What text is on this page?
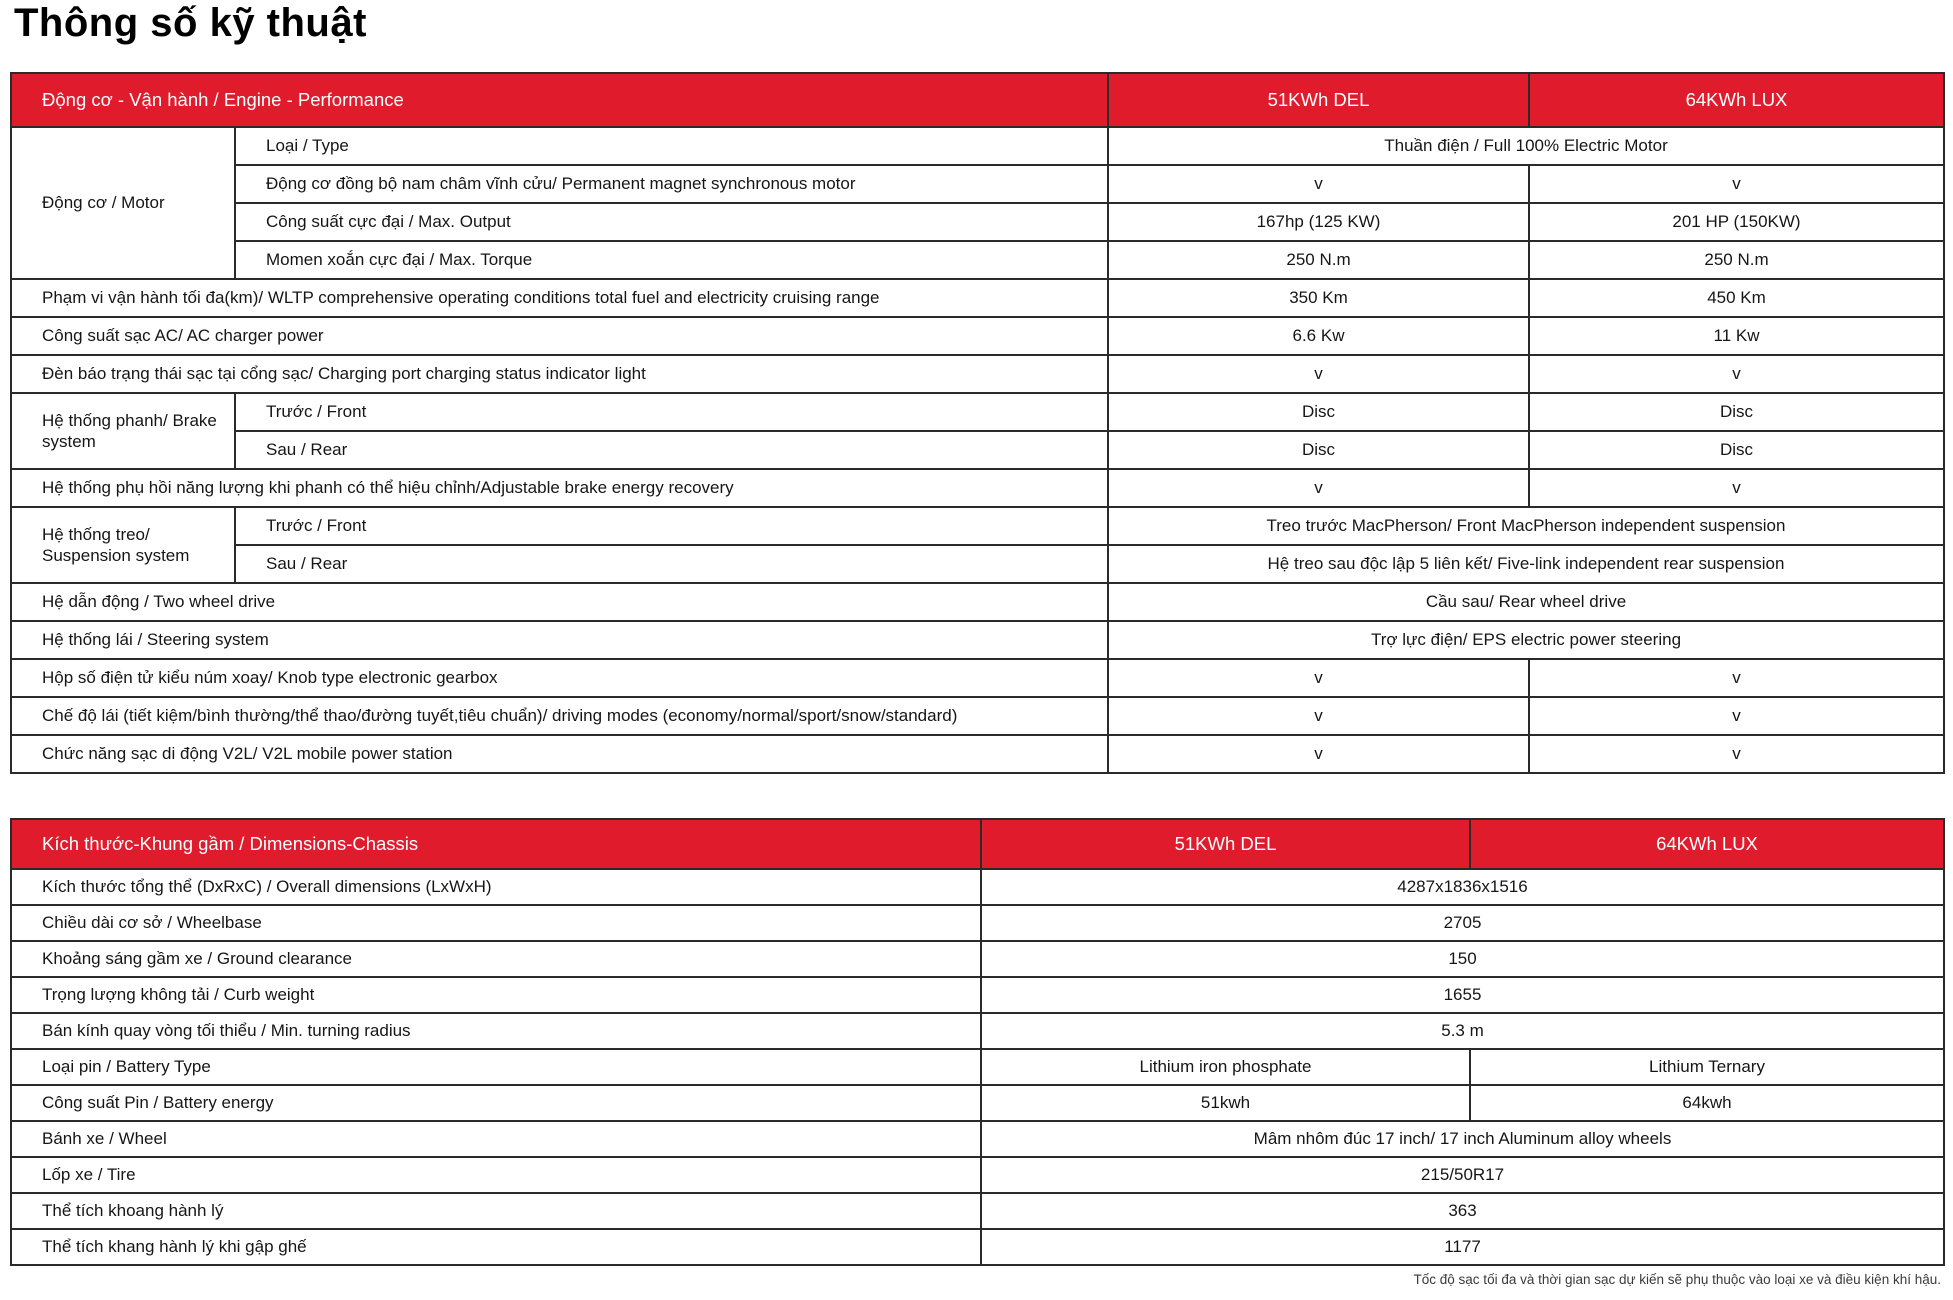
Thông số kỹ thuật
Động cơ - Vận hành / Engine - Performance		51KWh DEL	64KWh LUX
Động cơ / Motor	Loại / Type	Thuần điện / Full 100% Electric Motor	
	Động cơ đồng bộ nam châm vĩnh cửu/ Permanent magnet synchronous motor	v	v
	Công suất cực đại / Max. Output	167hp (125 KW)	201 HP (150KW)
	Momen xoắn cực đại / Max. Torque	250 N.m	250 N.m
Phạm vi vận hành tối đa(km)/ WLTP comprehensive operating conditions total fuel and electricity cruising range		350 Km	450 Km
Công suất sạc AC/ AC charger power		6.6 Kw	11 Kw
Đèn báo trạng thái sạc tại cổng sạc/ Charging port charging status indicator light		v	v
Hệ thống phanh/ Brake system	Trước / Front	Disc	Disc
	Sau / Rear	Disc	Disc
Hệ thống phụ hồi năng lượng khi phanh có thể hiệu chỉnh/Adjustable brake energy recovery		v	v
Hệ thống treo/ Suspension system	Trước / Front	Treo trước MacPherson/ Front MacPherson independent suspension	
	Sau / Rear	Hệ treo sau độc lập 5 liên kết/ Five-link independent rear suspension	
Hệ dẫn động / Two wheel drive		Cầu sau/ Rear wheel drive	
Hệ thống lái / Steering system		Trợ lực điện/ EPS electric power steering	
Hộp số điện tử kiểu núm xoay/ Knob type electronic gearbox		v	v
Chế độ lái (tiết kiệm/bình thường/thể thao/đường tuyết,tiêu chuẩn)/ driving modes (economy/normal/sport/snow/standard)		v	v
Chức năng sạc di động V2L/ V2L mobile power station		v	v
Kích thước-Khung gầm / Dimensions-Chassis	51KWh DEL	64KWh LUX
Kích thước tổng thể (DxRxC) / Overall dimensions (LxWxH)	4287x1836x1516	
Chiều dài cơ sở / Wheelbase	2705	
Khoảng sáng gầm xe / Ground clearance	150	
Trọng lượng không tải / Curb weight	1655	
Bán kính quay vòng tối thiểu / Min. turning radius	5.3 m	
Loại pin / Battery Type	Lithium iron phosphate	Lithium Ternary
Công suất Pin / Battery energy	51kwh	64kwh
Bánh xe / Wheel	Mâm nhôm đúc 17 inch/ 17 inch Aluminum alloy wheels	
Lốp xe / Tire	215/50R17	
Thể tích khoang hành lý	363	
Thể tích khang hành lý khi gập ghế	1177	

Tốc độ sạc tối đa và thời gian sạc dự kiến sẽ phụ thuộc vào loại xe và điều kiện khí hậu.
